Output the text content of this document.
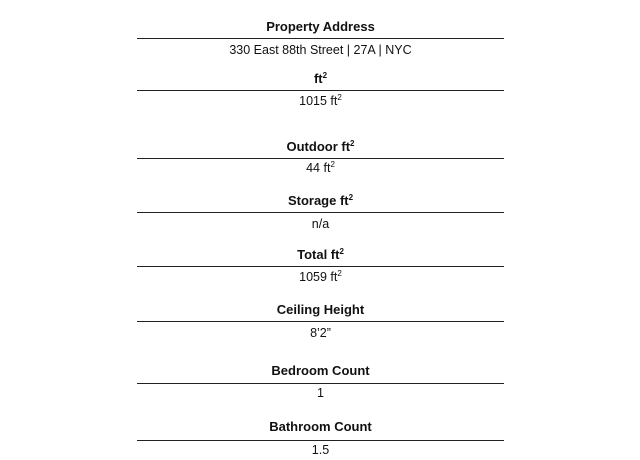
Property Address
330 East 88th Street | 27A | NYC
$ft^2$
1015 $ft^2$
Outdoor $ft^2$
44 $ft^2$
Storage $ft^2$
n/a
Total $ft^2$
1059 $ft^2$
Ceiling Height
8’2”
Bedroom Count
1
Bathroom Count
1.5
